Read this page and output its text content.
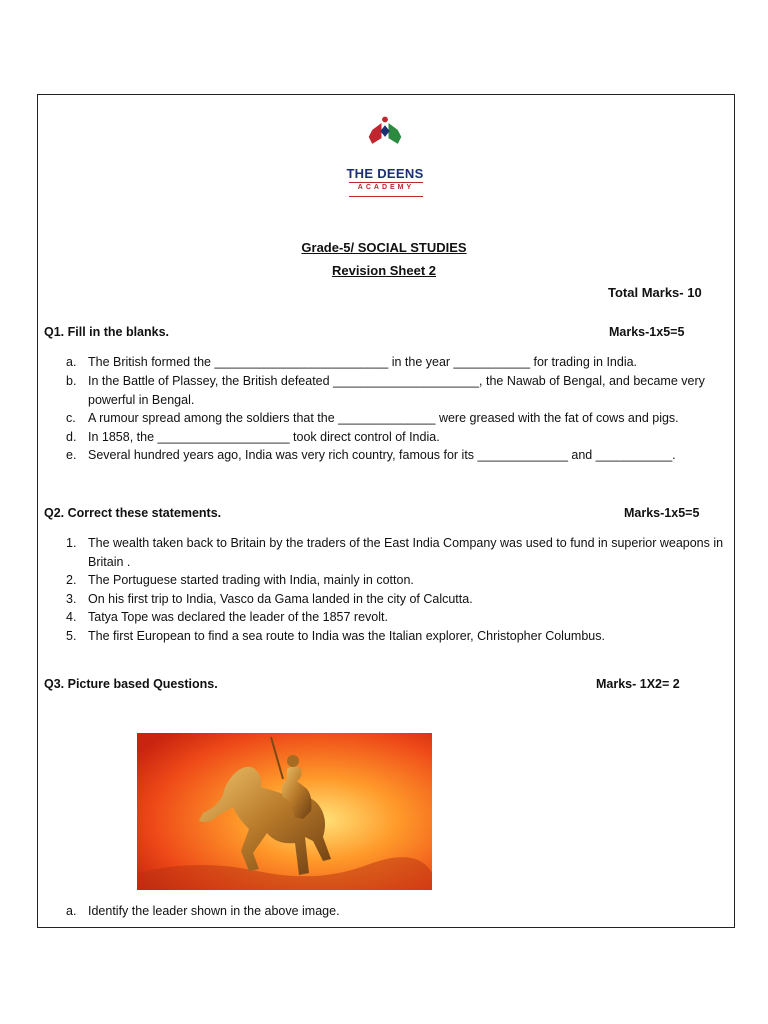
THE DEENS
ACADEMY
Grade-5/ SOCIAL STUDIES
Revision Sheet 2
Total Marks- 10
Q1. Fill in the blanks.	Marks-1x5=5
a. The British formed the _________________________ in the year ___________ for trading in India.
b. In the Battle of Plassey, the British defeated _____________________, the Nawab of Bengal, and became very powerful in Bengal.
c. A rumour spread among the soldiers that the ______________ were greased with the fat of cows and pigs.
d. In 1858, the ___________________ took direct control of India.
e. Several hundred years ago, India was very rich country, famous for its _____________ and ___________.
Q2. Correct these statements.	Marks-1x5=5
1. The wealth taken back to Britain by the traders of the East India Company was used to fund in superior weapons in Britain .
2. The Portuguese started trading with India, mainly in cotton.
3. On his first trip to India, Vasco da Gama landed in the city of Calcutta.
4. Tatya Tope was declared the leader of the 1857 revolt.
5. The first European to find a sea route to India was the Italian explorer, Christopher Columbus.
Q3. Picture based Questions.	Marks- 1X2= 2
a. Identify the leader shown in the above image.
